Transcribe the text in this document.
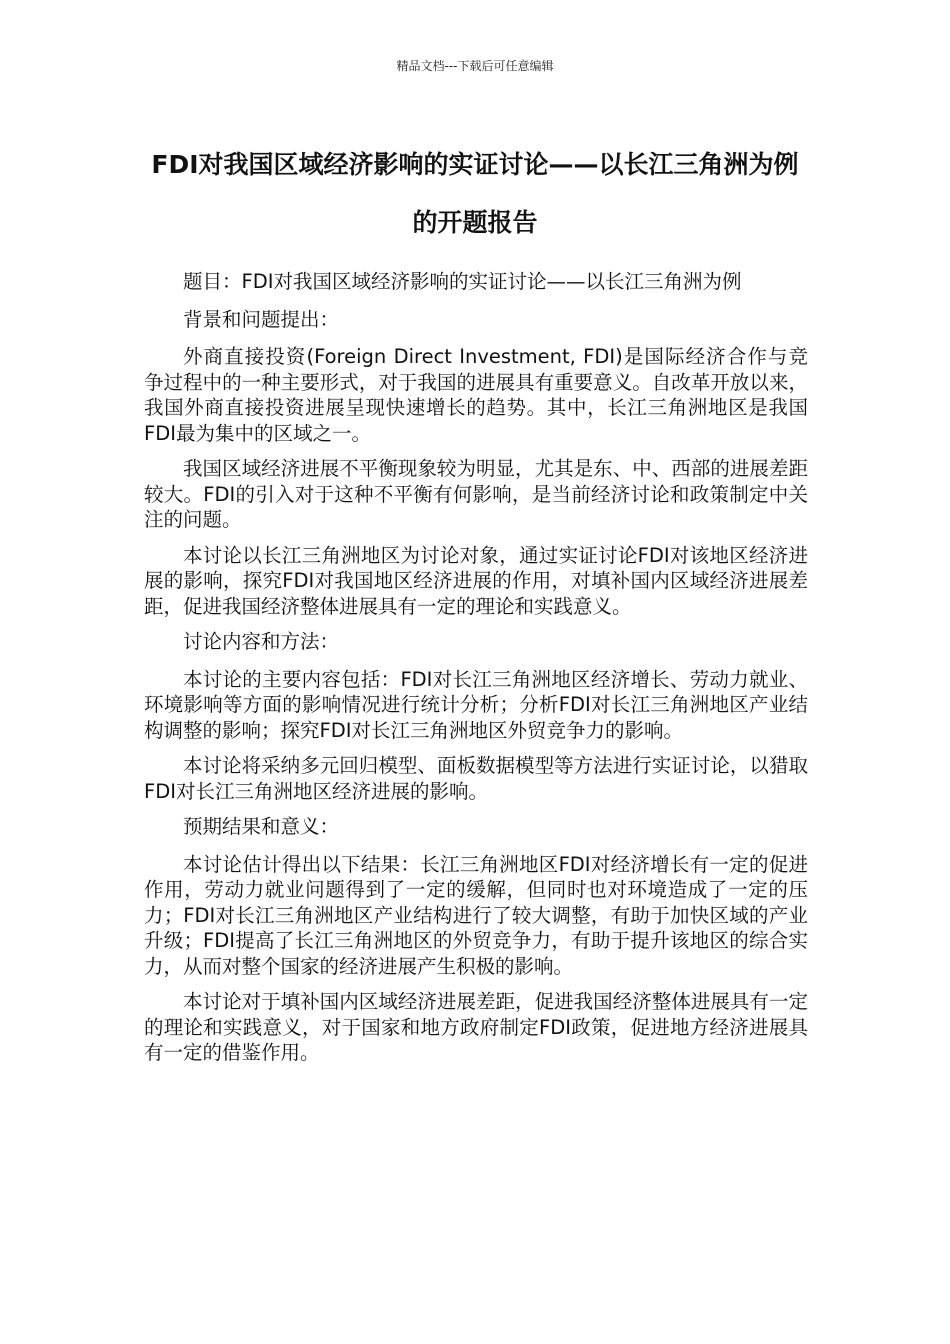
精品文档---下载后可任意编辑
FDI对我国区域经济影响的实证讨论——以长江三角洲为例的开题报告

题目：FDI对我国区域经济影响的实证讨论——以长江三角洲为例

背景和问题提出：

外商直接投资(Foreign Direct Investment, FDI)是国际经济合作与竞争过程中的一种主要形式，对于我国的进展具有重要意义。自改革开放以来，我国外商直接投资进展呈现快速增长的趋势。其中，长江三角洲地区是我国FDI最为集中的区域之一。

我国区域经济进展不平衡现象较为明显，尤其是东、中、西部的进展差距较大。FDI的引入对于这种不平衡有何影响，是当前经济讨论和政策制定中关注的问题。

本讨论以长江三角洲地区为讨论对象，通过实证讨论FDI对该地区经济进展的影响，探究FDI对我国地区经济进展的作用，对填补国内区域经济进展差距，促进我国经济整体进展具有一定的理论和实践意义。

讨论内容和方法：

本讨论的主要内容包括：FDI对长江三角洲地区经济增长、劳动力就业、环境影响等方面的影响情况进行统计分析；分析FDI对长江三角洲地区产业结构调整的影响；探究FDI对长江三角洲地区外贸竞争力的影响。

本讨论将采纳多元回归模型、面板数据模型等方法进行实证讨论，以猎取FDI对长江三角洲地区经济进展的影响。

预期结果和意义：

本讨论估计得出以下结果：长江三角洲地区FDI对经济增长有一定的促进作用，劳动力就业问题得到了一定的缓解，但同时也对环境造成了一定的压力；FDI对长江三角洲地区产业结构进行了较大调整，有助于加快区域的产业升级；FDI提高了长江三角洲地区的外贸竞争力，有助于提升该地区的综合实力，从而对整个国家的经济进展产生积极的影响。

本讨论对于填补国内区域经济进展差距，促进我国经济整体进展具有一定的理论和实践意义，对于国家和地方政府制定FDI政策，促进地方经济进展具有一定的借鉴作用。
